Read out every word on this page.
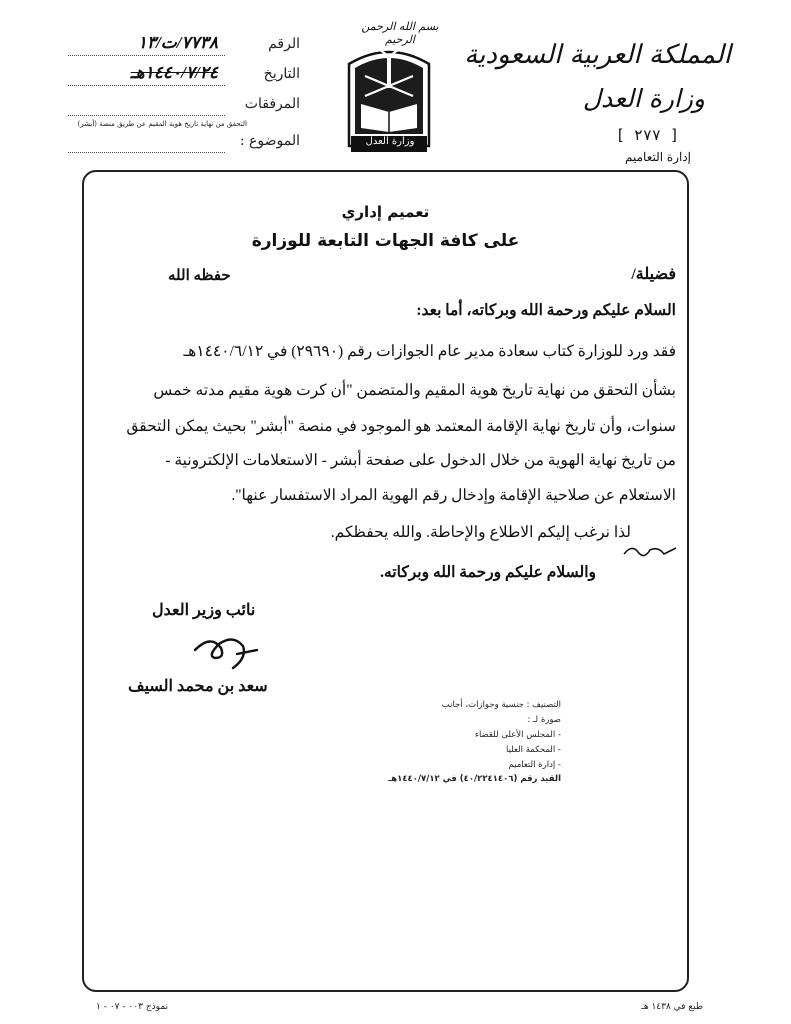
الرقم
٧٧٣٨/ت/١٣
التاريخ
١٤٤٠/٧/٢٤هـ
المرفقات
التحقق من نهاية تاريخ هوية المقيم عن طريق منصة (أبشر)
الموضوع :
بسم الله الرحمن الرحيم
وزارة العدل
المملكة العربية السعودية
وزارة العدل
[ ٢٧٧ ]
إدارة التعاميم
تعميم إداري
على كافة الجهات التابعة للوزارة
فضيلة/
حفظه الله
السلام عليكم ورحمة الله وبركاته، أما بعد:
فقد ورد للوزارة كتاب سعادة مدير عام الجوازات رقم (٢٩٦٩٠) في ١٤٤٠/٦/١٢هـ
بشأن التحقق من نهاية تاريخ هوية المقيم والمتضمن "أن كرت هوية مقيم مدته خمس
سنوات، وأن تاريخ نهاية الإقامة المعتمد هو الموجود في منصة "أبشر" بحيث يمكن التحقق
من تاريخ نهاية الهوية من خلال الدخول على صفحة أبشر - الاستعلامات الإلكترونية -
الاستعلام عن صلاحية الإقامة وإدخال رقم الهوية المراد الاستفسار عنها".
لذا نرغب إليكم الاطلاع والإحاطة. والله يحفظكم.
والسلام عليكم ورحمة الله وبركاته.
نائب وزير العدل
سعد بن محمد السيف
التصنيف : جنسية وجوازات، أجانب
صورة لـ :
- المجلس الأعلى للقضاء
- المحكمة العليا
- إدارة التعاميم
القيد رقم (٤٠/٢٢٤١٤٠٦) في ١٤٤٠/٧/١٢هـ
طبع في ١٤٣٨ هـ
نموذج ٠٠٣ - ٠٧ - ١
